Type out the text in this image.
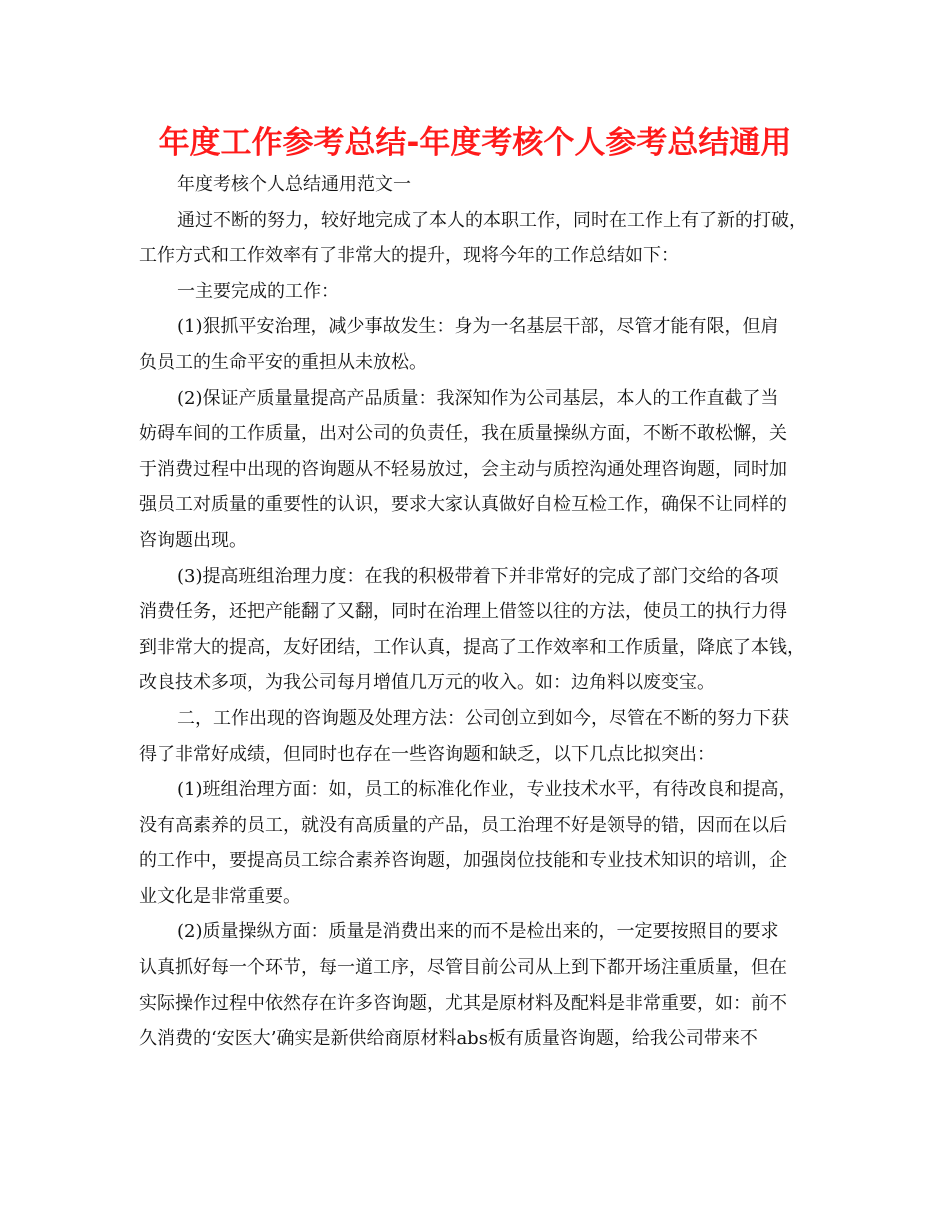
年度工作参考总结-年度考核个人参考总结通用
年度考核个人总结通用范文一
通过不断的努力，较好地完成了本人的本职工作，同时在工作上有了新的打破，
工作方式和工作效率有了非常大的提升，现将今年的工作总结如下：
一主要完成的工作：
(1)狠抓平安治理，减少事故发生：身为一名基层干部，尽管才能有限，但肩
负员工的生命平安的重担从未放松。
(2)保证产质量量提高产品质量：我深知作为公司基层，本人的工作直截了当
妨碍车间的工作质量，出对公司的负责任，我在质量操纵方面，不断不敢松懈，关
于消费过程中出现的咨询题从不轻易放过，会主动与质控沟通处理咨询题，同时加
强员工对质量的重要性的认识，要求大家认真做好自检互检工作，确保不让同样的
咨询题出现。
(3)提高班组治理力度：在我的积极带着下并非常好的完成了部门交给的各项
消费任务，还把产能翻了又翻，同时在治理上借签以往的方法，使员工的执行力得
到非常大的提高，友好团结，工作认真，提高了工作效率和工作质量，降底了本钱，
改良技术多项，为我公司每月增值几万元的收入。如：边角料以废变宝。
二，工作出现的咨询题及处理方法：公司创立到如今，尽管在不断的努力下获
得了非常好成绩，但同时也存在一些咨询题和缺乏，以下几点比拟突出：
(1)班组治理方面：如，员工的标准化作业，专业技术水平，有待改良和提高，
没有高素养的员工，就没有高质量的产品，员工治理不好是领导的错，因而在以后
的工作中，要提高员工综合素养咨询题，加强岗位技能和专业技术知识的培训，企
业文化是非常重要。
(2)质量操纵方面：质量是消费出来的而不是检出来的，一定要按照目的要求
认真抓好每一个环节，每一道工序，尽管目前公司从上到下都开场注重质量，但在
实际操作过程中依然存在许多咨询题，尤其是原材料及配料是非常重要，如：前不
久消费的‘安医大’确实是新供给商原材料abs板有质量咨询题，给我公司带来不
